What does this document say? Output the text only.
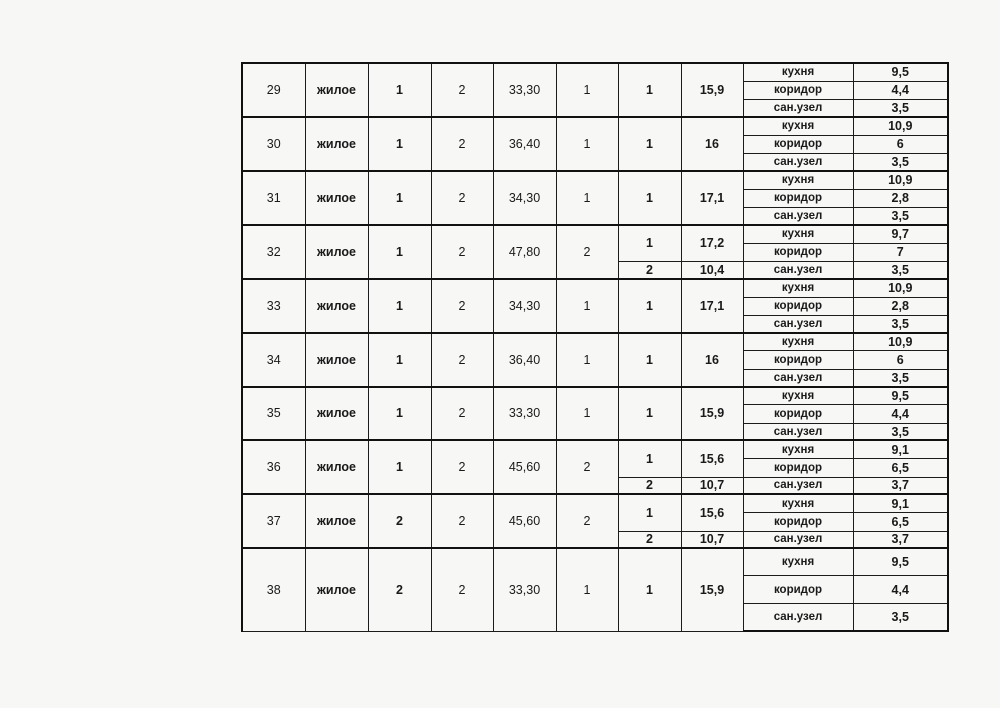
29	жилое	1	2	33,30	1	1	15,9	кухня	9,5
								коридор	4,4
								сан.узел	3,5
30	жилое	1	2	36,40	1	1	16	кухня	10,9
								коридор	6
								сан.узел	3,5
31	жилое	1	2	34,30	1	1	17,1	кухня	10,9
								коридор	2,8
								сан.узел	3,5
32	жилое	1	2	47,80	2	1	17,2	кухня	9,7
								коридор	7
						2	10,4	сан.узел	3,5
33	жилое	1	2	34,30	1	1	17,1	кухня	10,9
								коридор	2,8
								сан.узел	3,5
34	жилое	1	2	36,40	1	1	16	кухня	10,9
								коридор	6
								сан.узел	3,5
35	жилое	1	2	33,30	1	1	15,9	кухня	9,5
								коридор	4,4
								сан.узел	3,5
36	жилое	1	2	45,60	2	1	15,6	кухня	9,1
								коридор	6,5
						2	10,7	сан.узел	3,7
37	жилое	2	2	45,60	2	1	15,6	кухня	9,1
								коридор	6,5
						2	10,7	сан.узел	3,7
38	жилое	2	2	33,30	1	1	15,9	кухня	9,5
								коридор	4,4
								сан.узел	3,5
